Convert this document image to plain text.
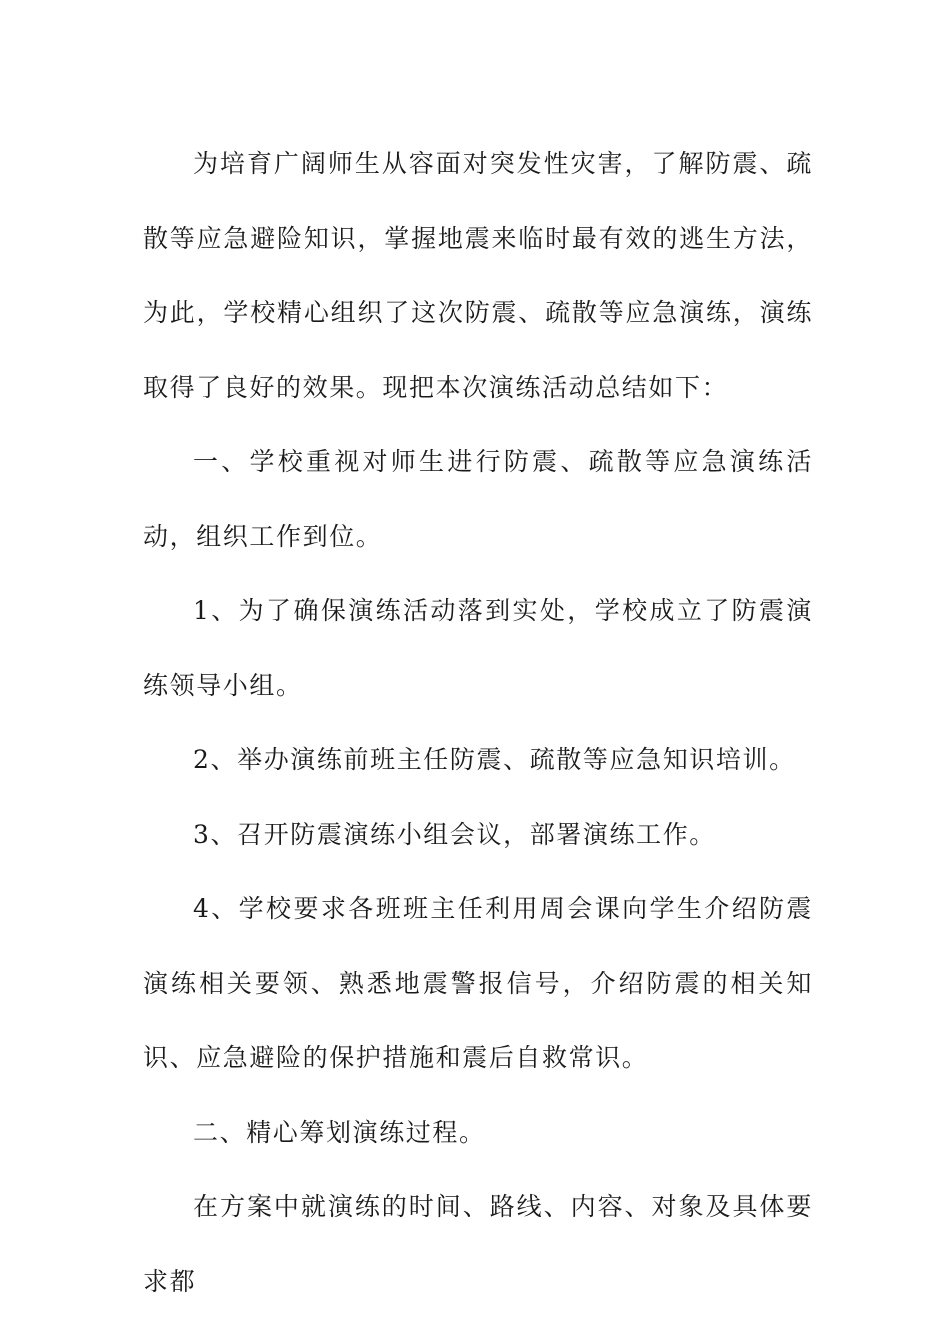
为培育广阔师生从容面对突发性灾害，了解防震、疏散等应急避险知识，掌握地震来临时最有效的逃生方法，为此，学校精心组织了这次防震、疏散等应急演练，演练取得了良好的效果。现把本次演练活动总结如下：

一、学校重视对师生进行防震、疏散等应急演练活动，组织工作到位。

1、为了确保演练活动落到实处，学校成立了防震演练领导小组。

2、举办演练前班主任防震、疏散等应急知识培训。

3、召开防震演练小组会议，部署演练工作。

4、学校要求各班班主任利用周会课向学生介绍防震演练相关要领、熟悉地震警报信号，介绍防震的相关知识、应急避险的保护措施和震后自救常识。

二、精心筹划演练过程。

在方案中就演练的时间、路线、内容、对象及具体要求都
